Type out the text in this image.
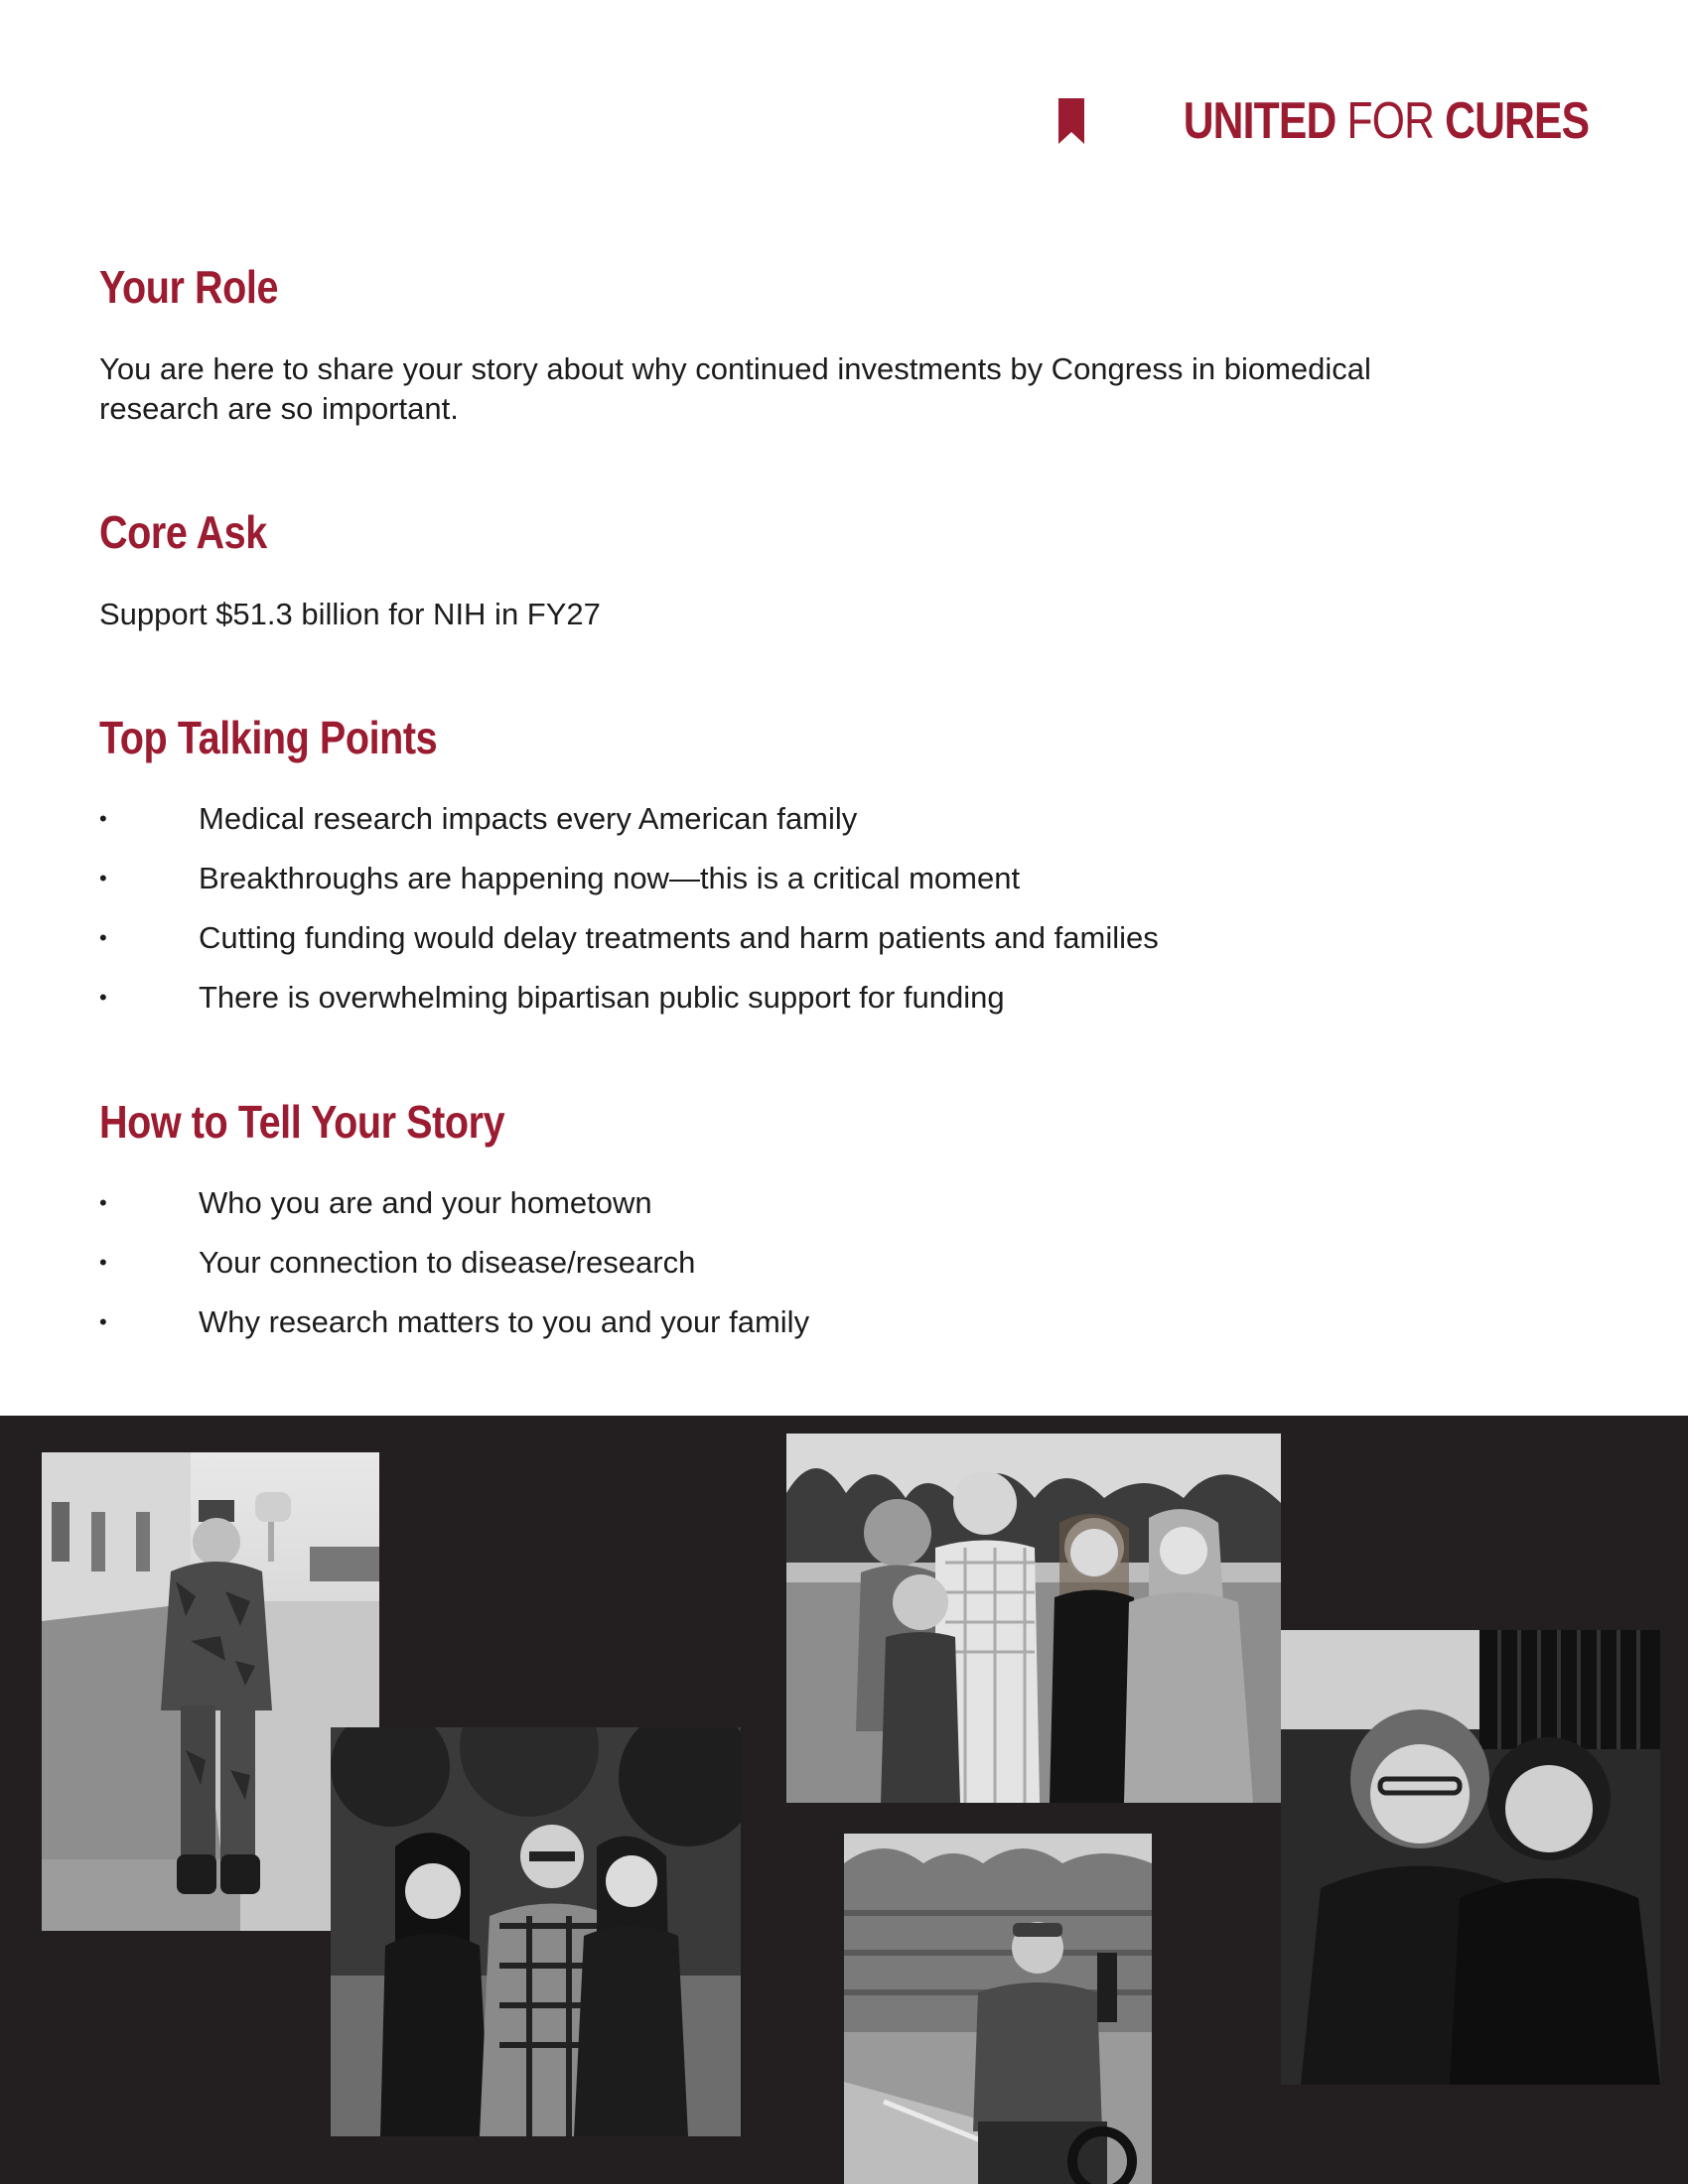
UNITED FOR CURES
Your Role

You are here to share your story about why continued investments by Congress in biomedical
research are so important.

Core Ask

Support $51.3 billion for NIH in FY27

Top Talking Points
•	Medical research impacts every American family
•	Breakthroughs are happening now—this is a critical moment
•	Cutting funding would delay treatments and harm patients and families
•	There is overwhelming bipartisan public support for funding
How to Tell Your Story
•	Who you are and your hometown
•	Your connection to disease/research
•	Why research matters to you and your family
